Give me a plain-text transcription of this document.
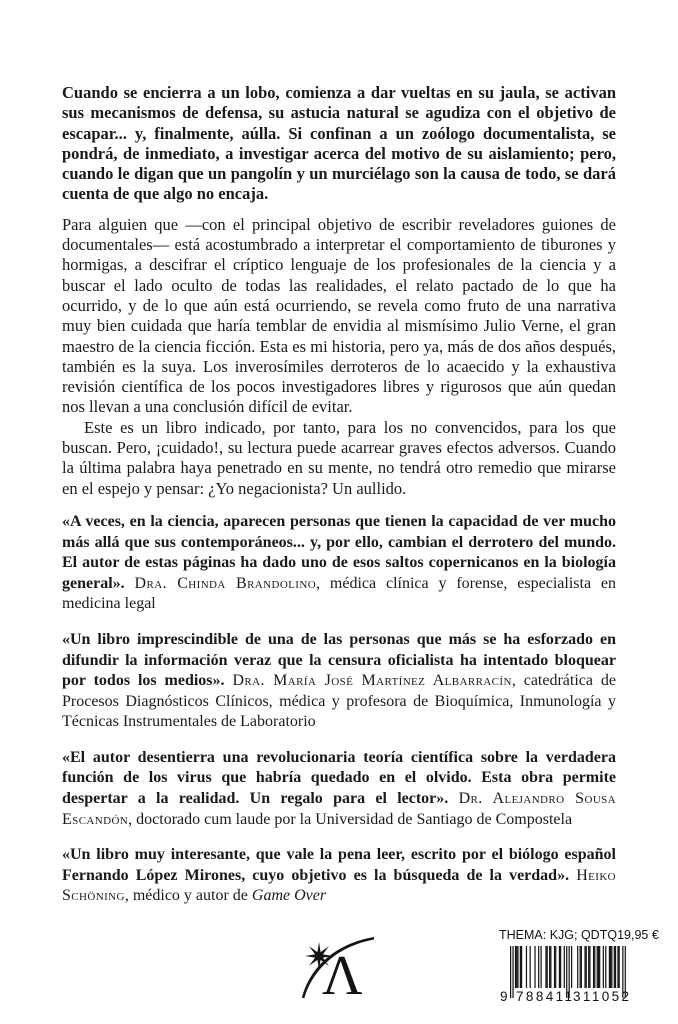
Cuando se encierra a un lobo, comienza a dar vueltas en su jaula, se activan sus mecanismos de defensa, su astucia natural se agudiza con el objetivo de escapar... y, finalmente, aúlla. Si confinan a un zoólogo documentalista, se pondrá, de inmediato, a investigar acerca del motivo de su aislamiento; pero, cuando le digan que un pangolín y un murciélago son la causa de todo, se dará cuenta de que algo no encaja.

Para alguien que —con el principal objetivo de escribir reveladores guiones de documentales— está acostumbrado a interpretar el comportamiento de tiburones y hormigas, a descifrar el críptico lenguaje de los profesionales de la ciencia y a buscar el lado oculto de todas las realidades, el relato pactado de lo que ha ocurrido, y de lo que aún está ocurriendo, se revela como fruto de una narrativa muy bien cuidada que haría temblar de envidia al mismísimo Julio Verne, el gran maestro de la ciencia ficción. Esta es mi historia, pero ya, más de dos años después, también es la suya. Los inverosímiles derroteros de lo acaecido y la exhaustiva revisión científica de los pocos investigadores libres y rigurosos que aún quedan nos llevan a una conclusión difícil de evitar.

Este es un libro indicado, por tanto, para los no convencidos, para los que buscan. Pero, ¡cuidado!, su lectura puede acarrear graves efectos adversos. Cuando la última palabra haya penetrado en su mente, no tendrá otro remedio que mirarse en el espejo y pensar: ¿Yo negacionista? Un aullido.

«A veces, en la ciencia, aparecen personas que tienen la capacidad de ver mucho más allá que sus contemporáneos... y, por ello, cambian el derrotero del mundo. El autor de estas páginas ha dado uno de esos saltos copernicanos en la biología general». Dra. Chinda Brandolino, médica clínica y forense, especialista en medicina legal

«Un libro imprescindible de una de las personas que más se ha esforzado en difundir la información veraz que la censura oficialista ha intentado bloquear por todos los medios». Dra. María José Martínez Albarracín, catedrática de Procesos Diagnósticos Clínicos, médica y profesora de Bioquímica, Inmunología y Técnicas Instrumentales de Laboratorio

«El autor desentierra una revolucionaria teoría científica sobre la verdadera función de los virus que habría quedado en el olvido. Esta obra permite despertar a la realidad. Un regalo para el lector». Dr. Alejandro Sousa Escandón, doctorado cum laude por la Universidad de Santiago de Compostela

«Un libro muy interesante, que vale la pena leer, escrito por el biólogo español Fernando López Mirones, cuyo objetivo es la búsqueda de la verdad». Heiko Schöning, médico y autor de Game Over

Λ
THEMA: KJG; QDTQ 19,95 €
9 788411
311052
